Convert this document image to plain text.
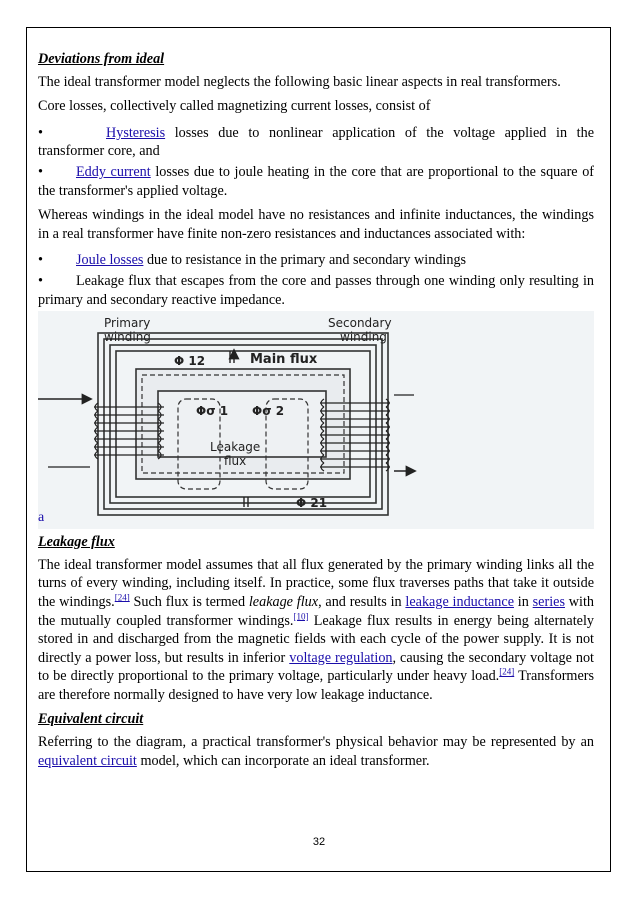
Deviations from ideal

The ideal transformer model neglects the following basic linear aspects in real transformers.

Core losses, collectively called magnetizing current losses, consist of

•	Hysteresis losses due to nonlinear application of the voltage applied in the transformer core, and
• Eddy current losses due to joule heating in the core that are proportional to the square of the transformer's applied voltage.

Whereas windings in the ideal model have no resistances and infinite inductances, the windings in a real transformer have finite non-zero resistances and inductances associated with:

• Joule losses due to resistance in the primary and secondary windings
• Leakage flux that escapes from the core and passes through one winding only resulting in primary and secondary reactive impedance.
Primary
winding
Secondary
winding
Main flux
Φ 12
Φσ 1 Φσ 2
Leakage
flux
Φ 21
a
Leakage flux

The ideal transformer model assumes that all flux generated by the primary winding links all the turns of every winding, including itself. In practice, some flux traverses paths that take it outside the windings.[24] Such flux is termed leakage flux, and results in leakage inductance in series with the mutually coupled transformer windings.[10] Leakage flux results in energy being alternately stored in and discharged from the magnetic fields with each cycle of the power supply. It is not directly a power loss, but results in inferior voltage regulation, causing the secondary voltage not to be directly proportional to the primary voltage, particularly under heavy load.[24] Transformers are therefore normally designed to have very low leakage inductance.

Equivalent circuit

Referring to the diagram, a practical transformer's physical behavior may be represented by an equivalent circuit model, which can incorporate an ideal transformer.

32
